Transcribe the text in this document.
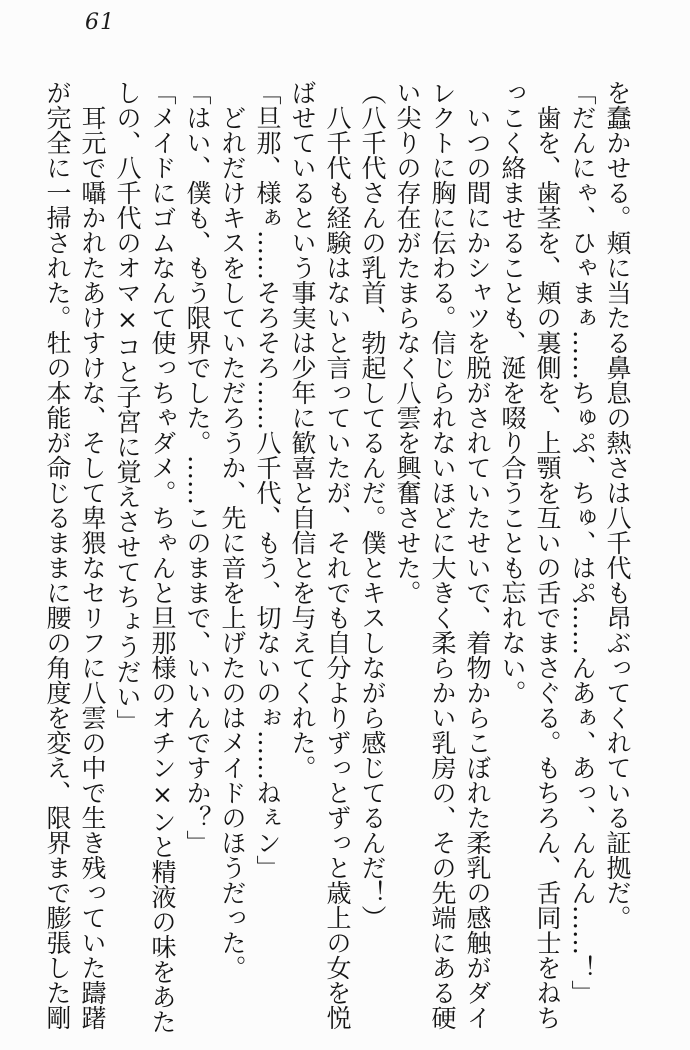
61
を蠢かせる。頬に当たる鼻息の熱さは八千代も昂ぶってくれている証拠だ。
「だんにゃ、ひゃまぁ……ちゅぷ、ちゅ、はぷ……んあぁ、あっ、んんん……！」
歯を、歯茎を、頬の裏側を、上顎を互いの舌でまさぐる。もちろん、舌同士をねち
っこく絡ませることも、涎を啜り合うことも忘れない。
いつの間にかシャツを脱がされていたせいで、着物からこぼれた柔乳の感触がダイ
レクトに胸に伝わる。信じられないほどに大きく柔らかい乳房の、その先端にある硬
い尖りの存在がたまらなく八雲を興奮させた。
（八千代さんの乳首、勃起してるんだ。僕とキスしながら感じてるんだ！）
八千代も経験はないと言っていたが、それでも自分よりずっとずっと歳上の女を悦
ばせているという事実は少年に歓喜と自信とを与えてくれた。
「旦那、様ぁ……そろそろ……八千代、もう、切ないのぉ……ねぇン」
どれだけキスをしていただろうか、先に音を上げたのはメイドのほうだった。
「はい、僕も、もう限界でした。……このままで、いいんですか？」
「メイドにゴムなんて使っちゃダメ。ちゃんと旦那様のオチン×ンと精液の味をあた
しの、八千代のオマ×コと子宮に覚えさせてちょうだい」
耳元で囁かれたあけすけな、そして卑猥なセリフに八雲の中で生き残っていた躊躇
が完全に一掃された。牡の本能が命じるままに腰の角度を変え、限界まで膨張した剛
